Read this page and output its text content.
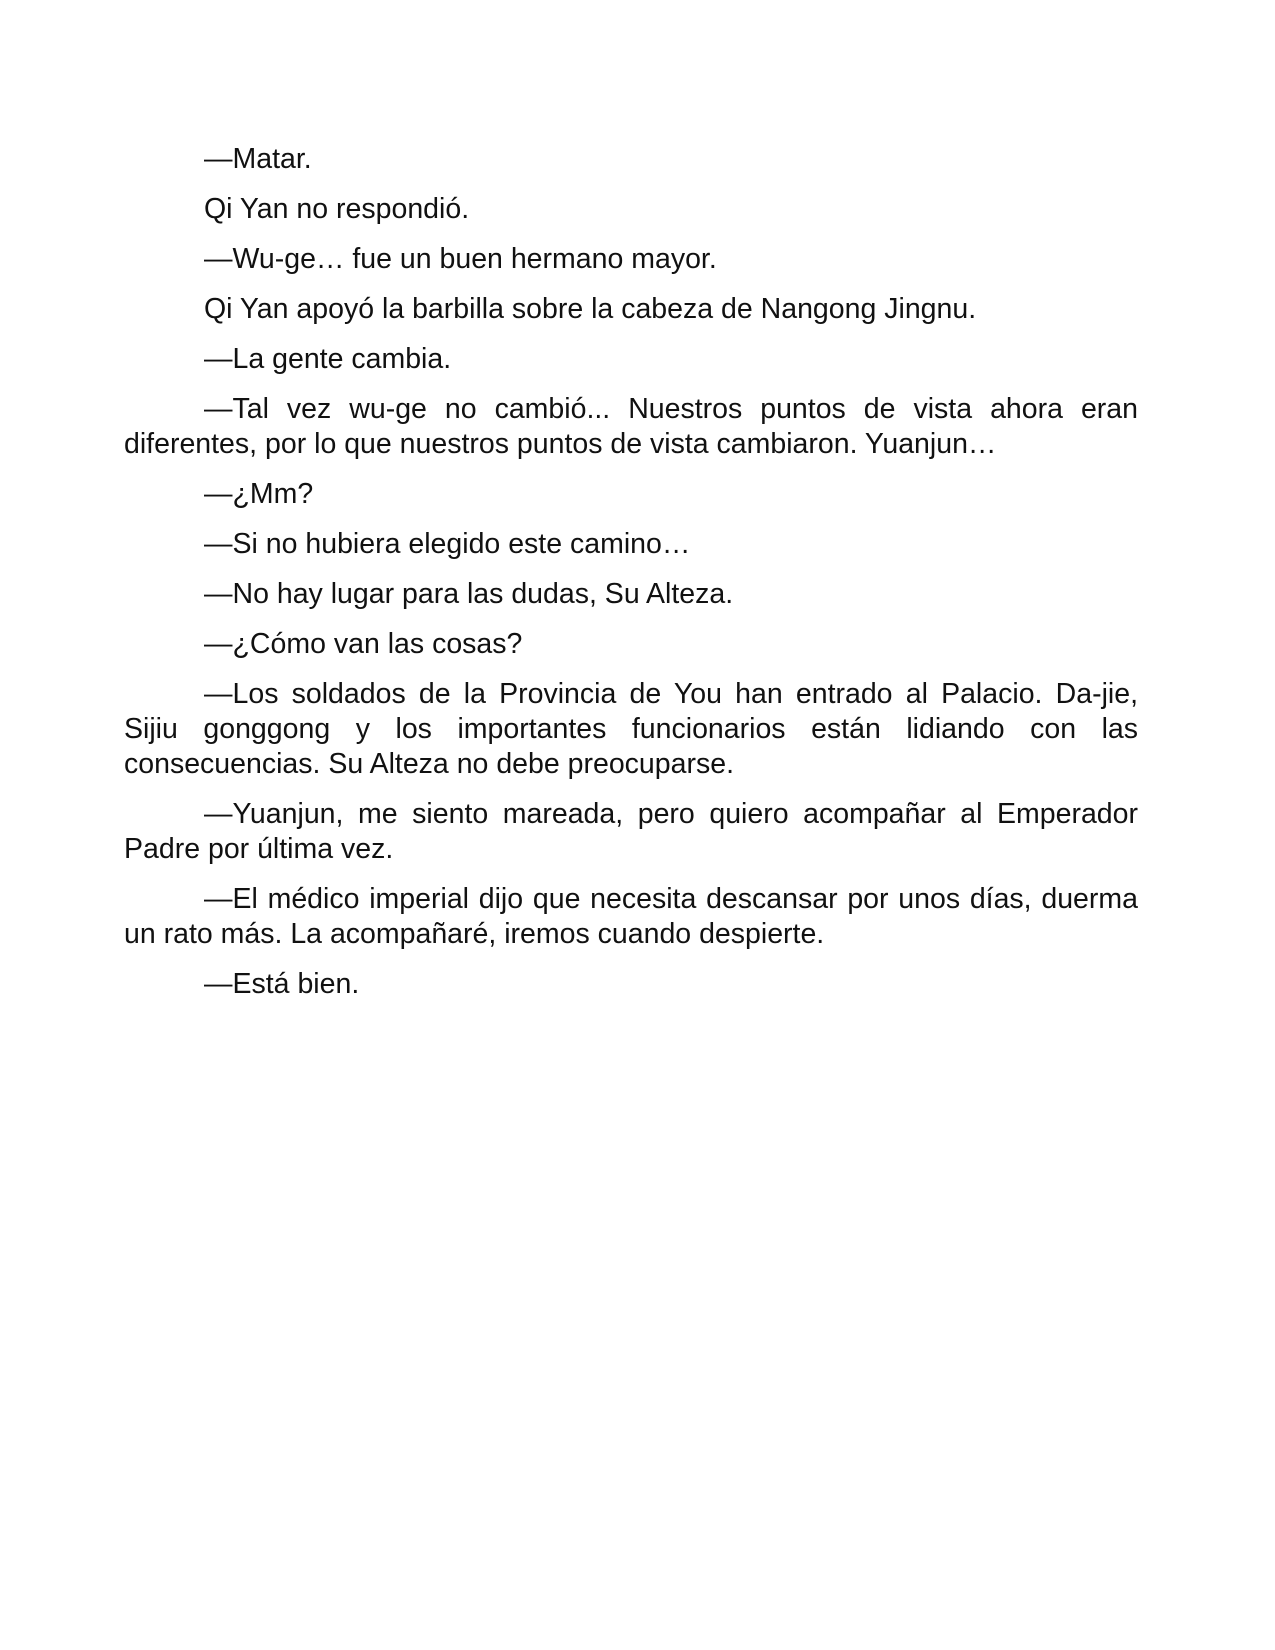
—Matar.

Qi Yan no respondió.

—Wu-ge… fue un buen hermano mayor.

Qi Yan apoyó la barbilla sobre la cabeza de Nangong Jingnu.

—La gente cambia.

—Tal vez wu-ge no cambió... Nuestros puntos de vista ahora eran diferentes, por lo que nuestros puntos de vista cambiaron. Yuanjun…

—¿Mm?

—Si no hubiera elegido este camino…

—No hay lugar para las dudas, Su Alteza.

—¿Cómo van las cosas?

—Los soldados de la Provincia de You han entrado al Palacio. Da-jie, Sijiu gonggong y los importantes funcionarios están lidiando con las consecuencias. Su Alteza no debe preocuparse.

—Yuanjun, me siento mareada, pero quiero acompañar al Emperador Padre por última vez.

—El médico imperial dijo que necesita descansar por unos días, duerma un rato más. La acompañaré, iremos cuando despierte.

—Está bien.
